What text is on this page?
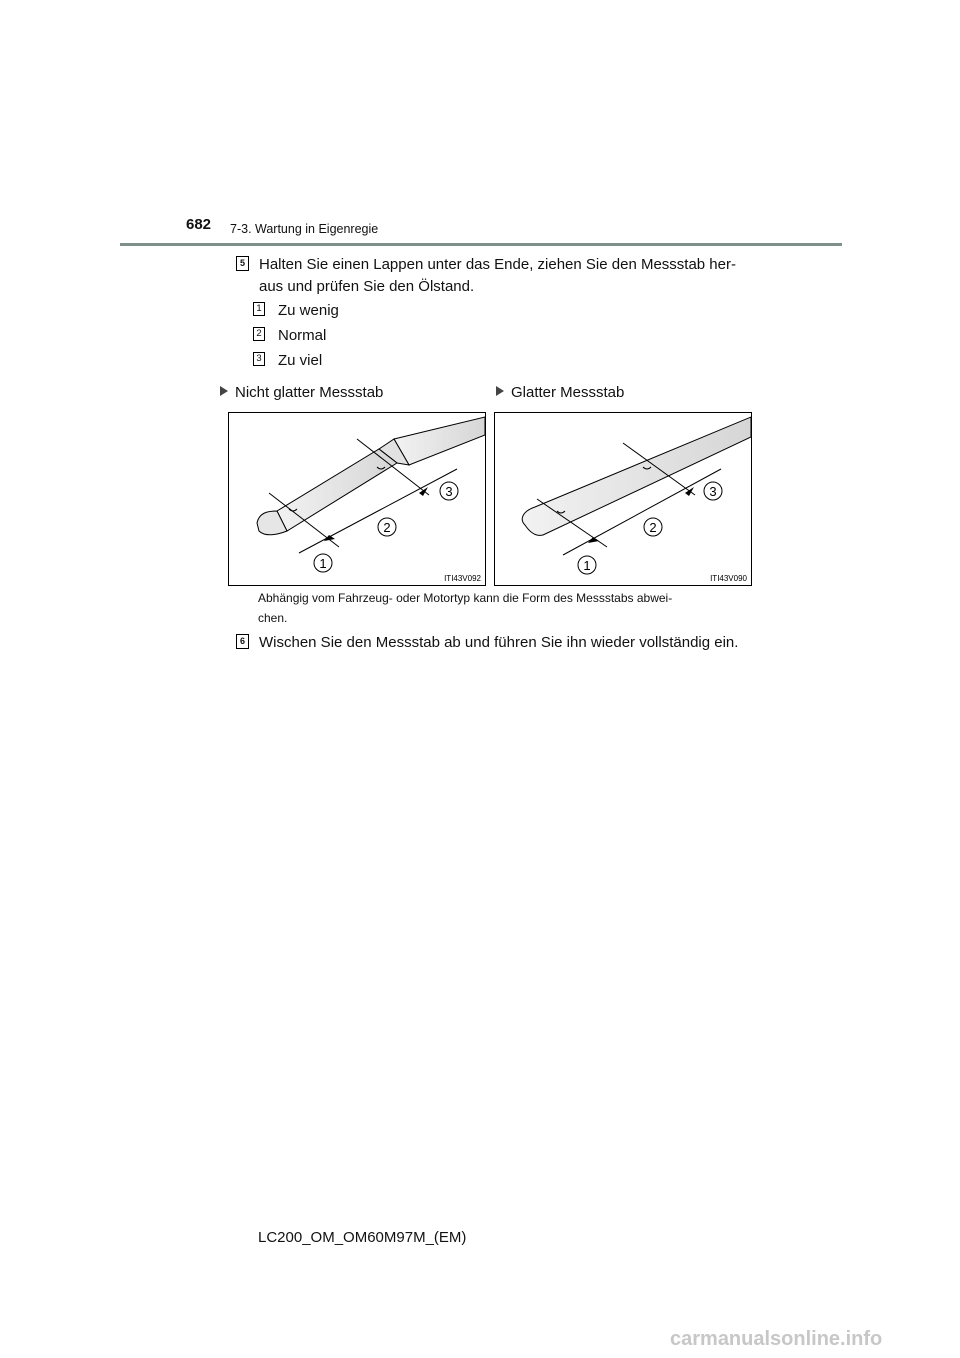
682 7-3. Wartung in Eigenregie
5 Halten Sie einen Lappen unter das Ende, ziehen Sie den Messstab her-
aus und prüfen Sie den Ölstand.
1 Zu wenig
2 Normal
3 Zu viel
Nicht glatter Messstab	Glatter Messstab
1
2
3
ITI43V092
1
2
3
ITI43V090
Abhängig vom Fahrzeug- oder Motortyp kann die Form des Messstabs abwei-
chen.
6 Wischen Sie den Messstab ab und führen Sie ihn wieder vollständig ein.
LC200_OM_OM60M97M_(EM)
carmanualsonline.info
